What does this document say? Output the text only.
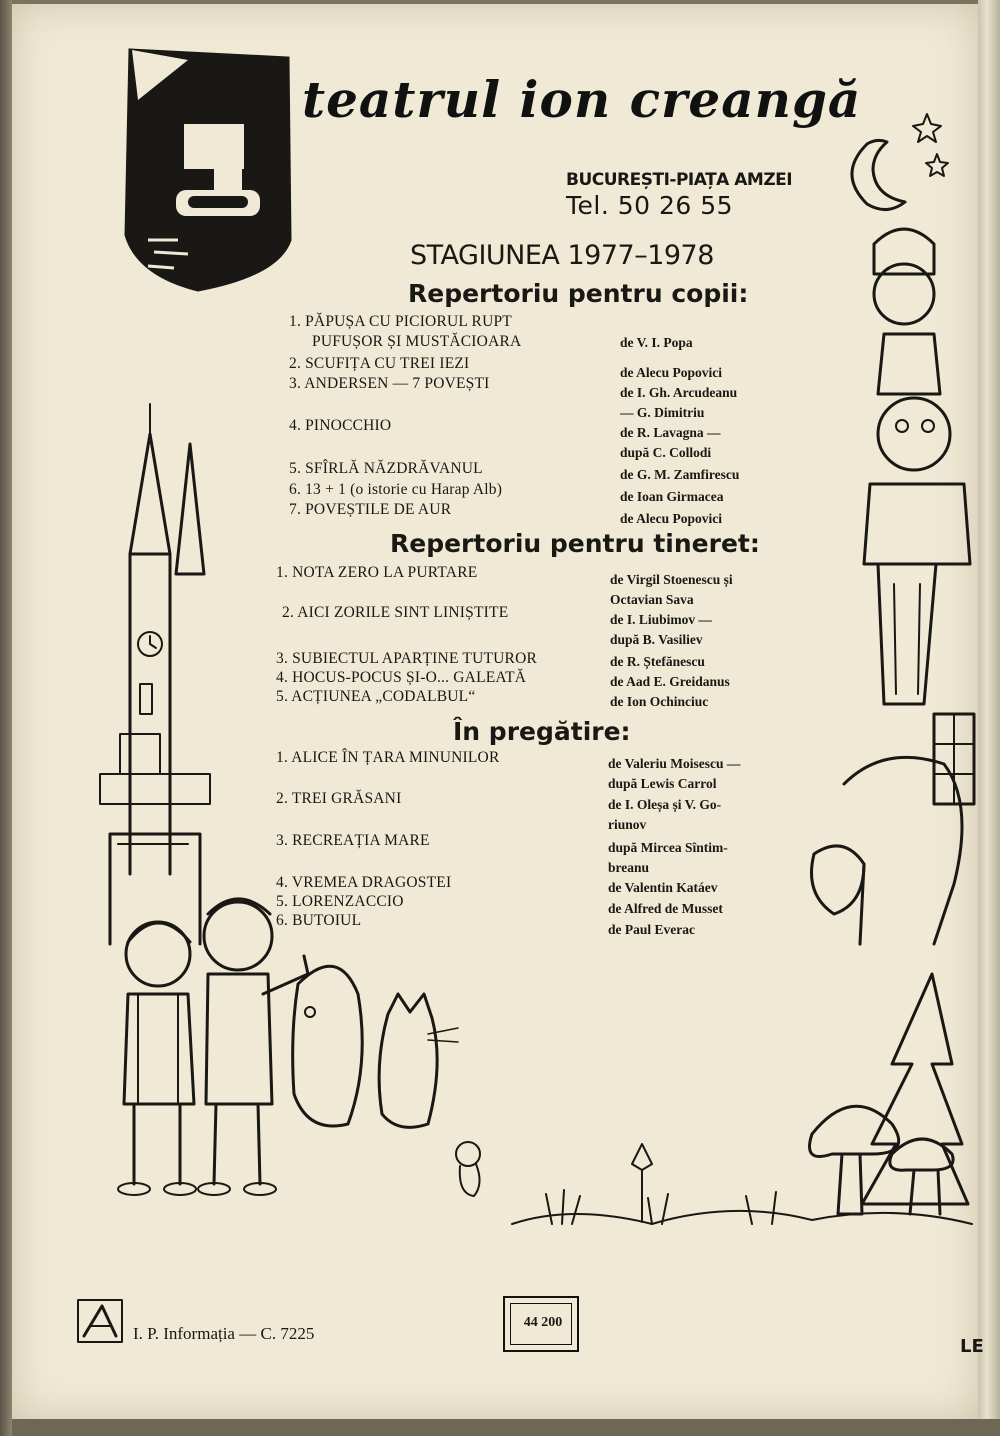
teatrul ion creangă
BUCUREȘTI-PIAȚA AMZEI
Tel. 50 26 55
STAGIUNEA 1977–1978
Repertoriu pentru copii:
1. PĂPUȘA CU PICIORUL RUPT
PUFUȘOR ȘI MUSTĂCIOARA
2. SCUFIȚA CU TREI IEZI
3. ANDERSEN — 7 POVEȘTI
4. PINOCCHIO
5. SFÎRLĂ NĂZDRĂVANUL
6. 13 + 1 (o istorie cu Harap Alb)
7. POVEȘTILE DE AUR
de V. I. Popa
de Alecu Popovici
de I. Gh. Arcudeanu
— G. Dimitriu
de R. Lavagna —
după C. Collodi
de G. M. Zamfirescu
de Ioan Girmacea
de Alecu Popovici
Repertoriu pentru tineret:
1. NOTA ZERO LA PURTARE
2. AICI ZORILE SINT LINIȘTITE
3. SUBIECTUL APARȚINE TUTUROR
4. HOCUS-POCUS ȘI-O... GALEATĂ
5. ACȚIUNEA „CODALBUL“
de Virgil Stoenescu și
Octavian Sava
de I. Liubimov —
după B. Vasiliev
de R. Ștefănescu
de Aad E. Greidanus
de Ion Ochinciuc
În pregătire:
1. ALICE ÎN ȚARA MINUNILOR
2. TREI GRĂSANI
3. RECREAȚIA MARE
4. VREMEA DRAGOSTEI
5. LORENZACCIO
6. BUTOIUL
de Valeriu Moisescu —
după Lewis Carrol
de I. Oleșa și V. Go-
riunov
după Mircea Sîntim-
breanu
de Valentin Katáev
de Alfred de Musset
de Paul Everac
I. P. Informația — C. 7225
44 200
LE
